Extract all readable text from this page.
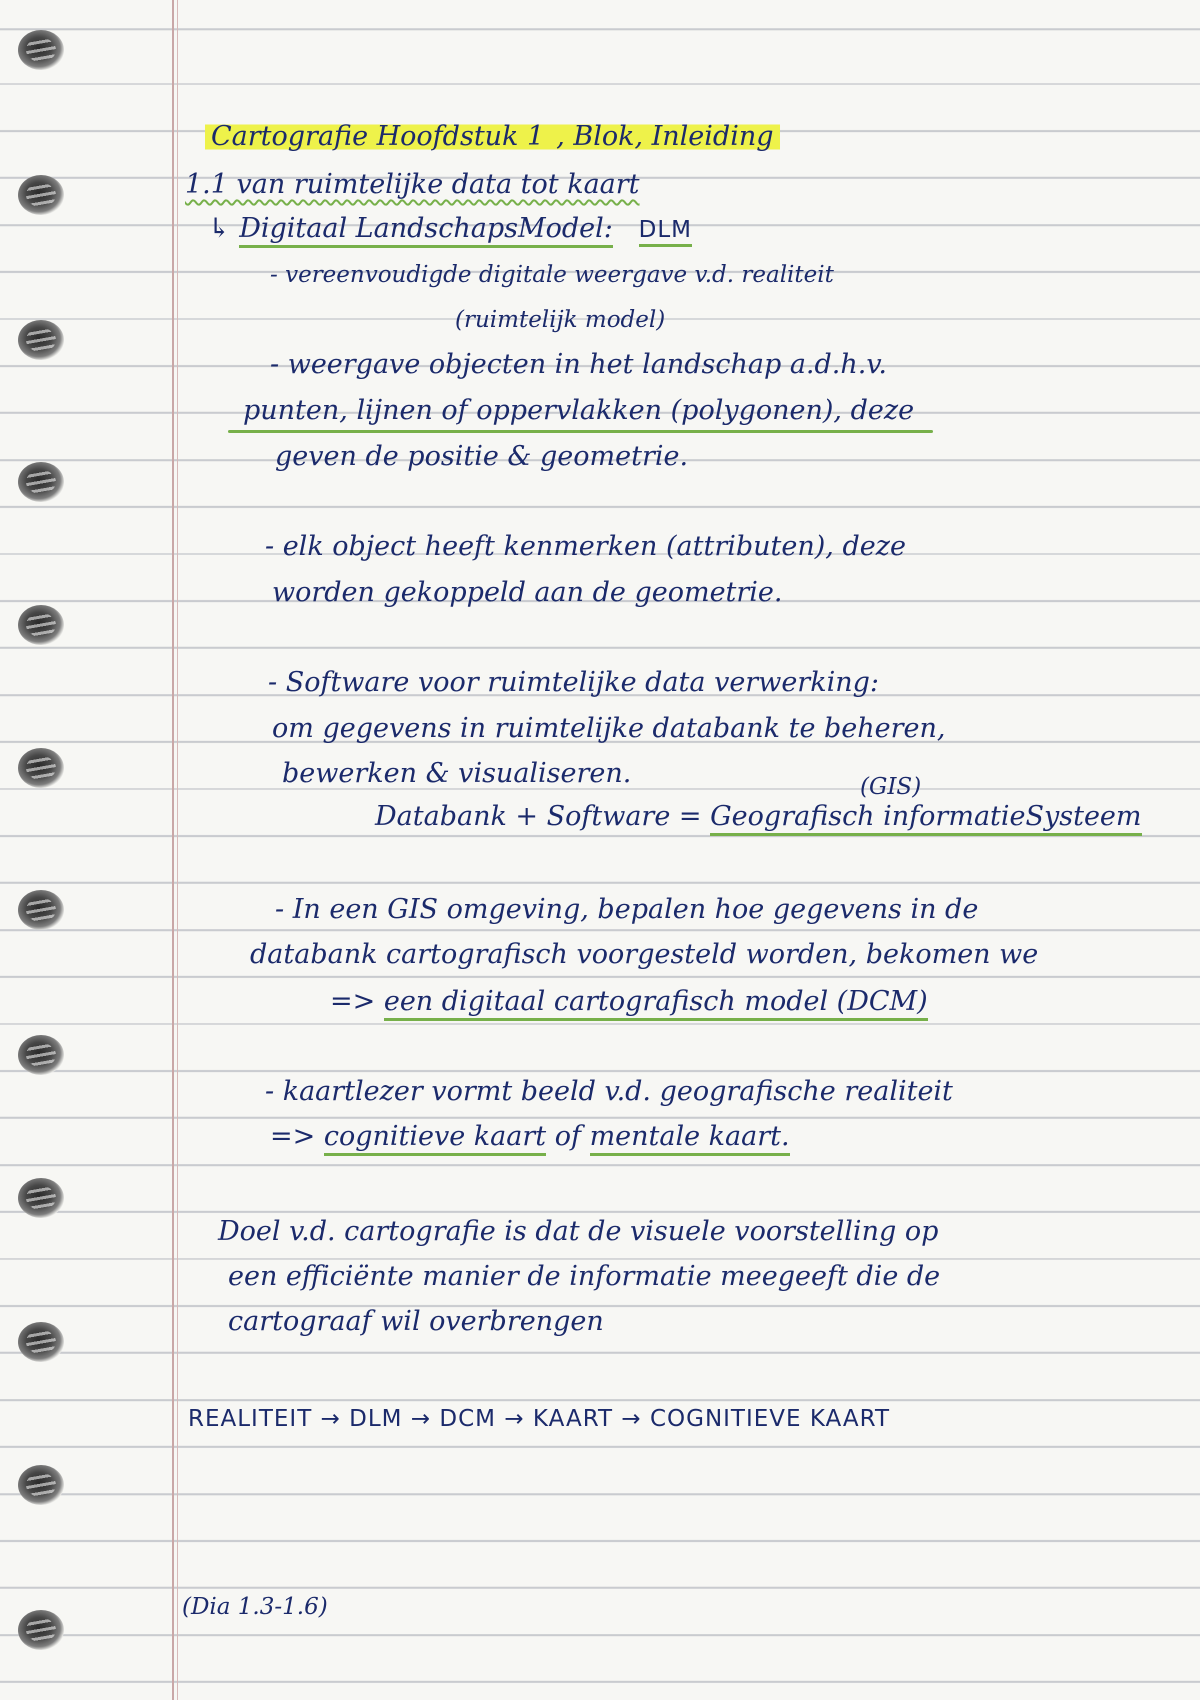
Cartografie Hoofdstuk 1 , Blok, Inleiding
1.1 van ruimtelijke data tot kaart
↳ Digitaal LandschapsModel: DLM
- vereenvoudigde digitale weergave v.d. realiteit
(ruimtelijk model)
- weergave objecten in het landschap a.d.h.v.
punten, lijnen of oppervlakken (polygonen), deze
geven de positie & geometrie.
- elk object heeft kenmerken (attributen), deze
worden gekoppeld aan de geometrie.
- Software voor ruimtelijke data verwerking:
om gegevens in ruimtelijke databank te beheren,
bewerken & visualiseren.	(GIS)
Databank + Software = Geografisch informatieSysteem
- In een GIS omgeving, bepalen hoe gegevens in de
databank cartografisch voorgesteld worden, bekomen we
=> een digitaal cartografisch model (DCM)
- kaartlezer vormt beeld v.d. geografische realiteit
=> cognitieve kaart of mentale kaart.
Doel v.d. cartografie is dat de visuele voorstelling op
een efficiënte manier de informatie meegeeft die de
cartograaf wil overbrengen
REALITEIT → DLM → DCM → KAART → COGNITIEVE KAART
(Dia 1.3-1.6)
